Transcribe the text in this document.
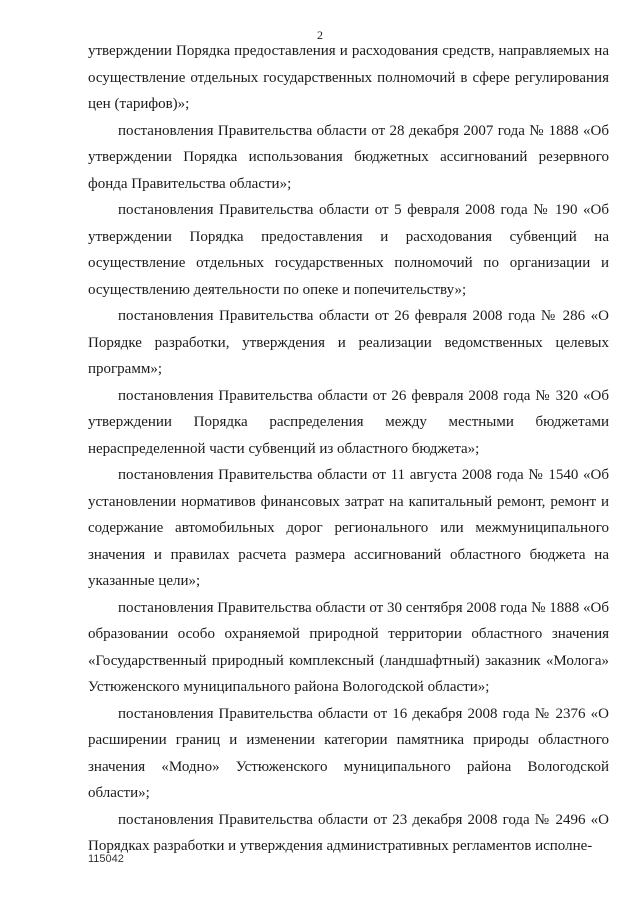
2

утверждении Порядка предоставления и расходования средств, направляемых на осуществление отдельных государственных полномочий в сфере регулирования цен (тарифов)»;

постановления Правительства области от 28 декабря 2007 года № 1888 «Об утверждении Порядка использования бюджетных ассигнований резервного фонда Правительства области»;

постановления Правительства области от 5 февраля 2008 года № 190 «Об утверждении Порядка предоставления и расходования субвенций на осуществление отдельных государственных полномочий по организации и осуществлению деятельности по опеке и попечительству»;

постановления Правительства области от 26 февраля 2008 года № 286 «О Порядке разработки, утверждения и реализации ведомственных целевых программ»;

постановления Правительства области от 26 февраля 2008 года № 320 «Об утверждении Порядка распределения между местными бюджетами нераспределенной части субвенций из областного бюджета»;

постановления Правительства области от 11 августа 2008 года № 1540 «Об установлении нормативов финансовых затрат на капитальный ремонт, ремонт и содержание автомобильных дорог регионального или межмуниципального значения и правилах расчета размера ассигнований областного бюджета на указанные цели»;

постановления Правительства области от 30 сентября 2008 года № 1888 «Об образовании особо охраняемой природной территории областного значения «Государственный природный комплексный (ландшафтный) заказник «Молога» Устюженского муниципального района Вологодской области»;

постановления Правительства области от 16 декабря 2008 года № 2376 «О расширении границ и изменении категории памятника природы областного значения «Модно» Устюженского муниципального района Вологодской области»;

постановления Правительства области от 23 декабря 2008 года № 2496 «О Порядках разработки и утверждения административных регламентов исполне-

115042
